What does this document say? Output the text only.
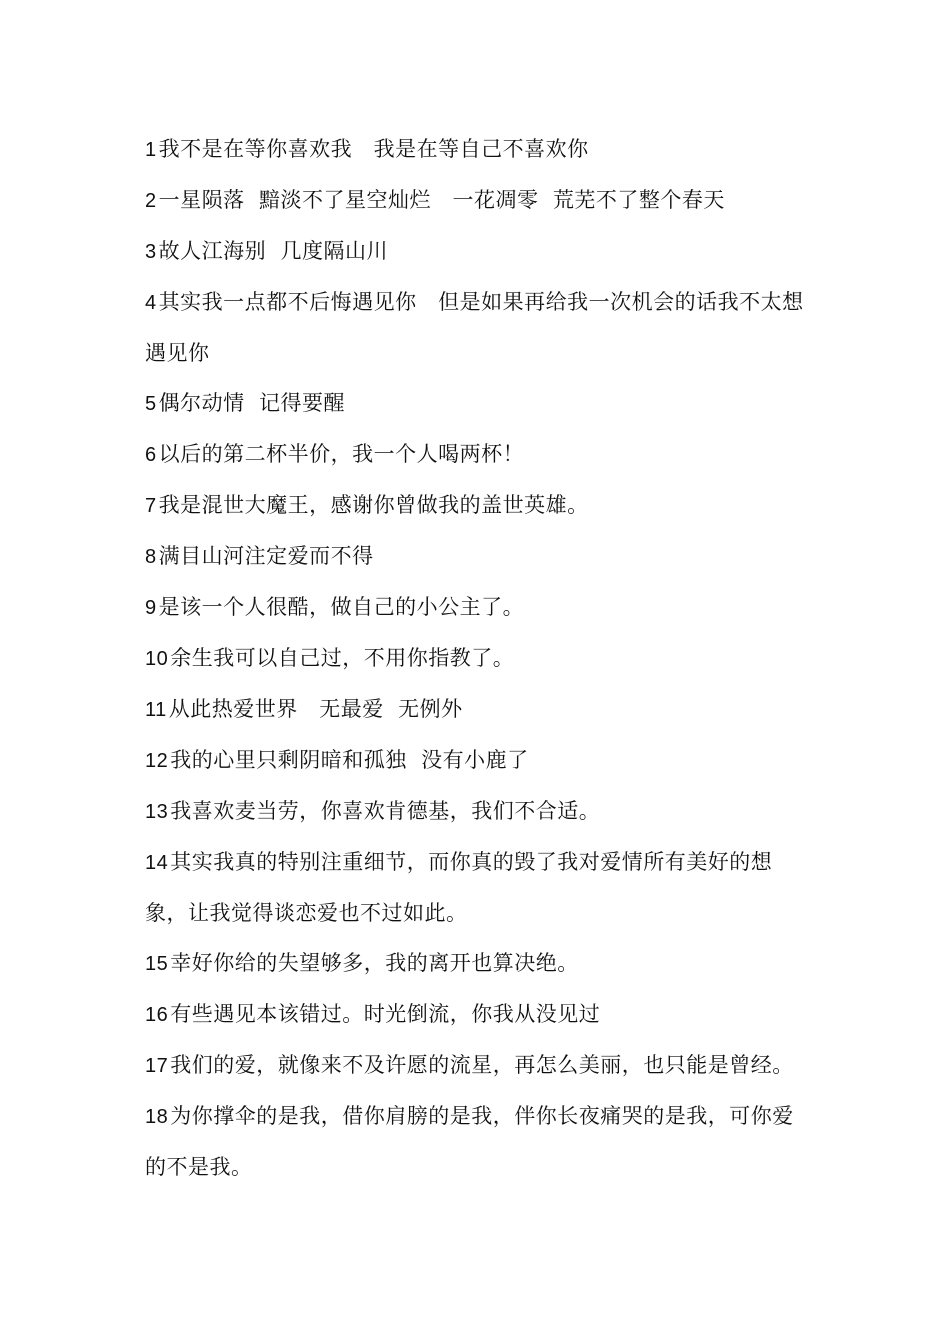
1我不是在等你喜欢我　我是在等自己不喜欢你

2一星陨落  黯淡不了星空灿烂　一花凋零  荒芜不了整个春天

3故人江海别  几度隔山川

4其实我一点都不后悔遇见你　但是如果再给我一次机会的话我不太想遇见你

5偶尔动情  记得要醒

6以后的第二杯半价，我一个人喝两杯！

7我是混世大魔王，感谢你曾做我的盖世英雄。

8满目山河注定爱而不得

9是该一个人很酷，做自己的小公主了。

10余生我可以自己过，不用你指教了。

11从此热爱世界　无最爱  无例外

12我的心里只剩阴暗和孤独  没有小鹿了

13我喜欢麦当劳，你喜欢肯德基，我们不合适。

14其实我真的特别注重细节，而你真的毁了我对爱情所有美好的想象，让我觉得谈恋爱也不过如此。

15幸好你给的失望够多，我的离开也算决绝。

16有些遇见本该错过。时光倒流，你我从没见过

17我们的爱，就像来不及许愿的流星，再怎么美丽，也只能是曾经。

18为你撑伞的是我，借你肩膀的是我，伴你长夜痛哭的是我，可你爱的不是我。
